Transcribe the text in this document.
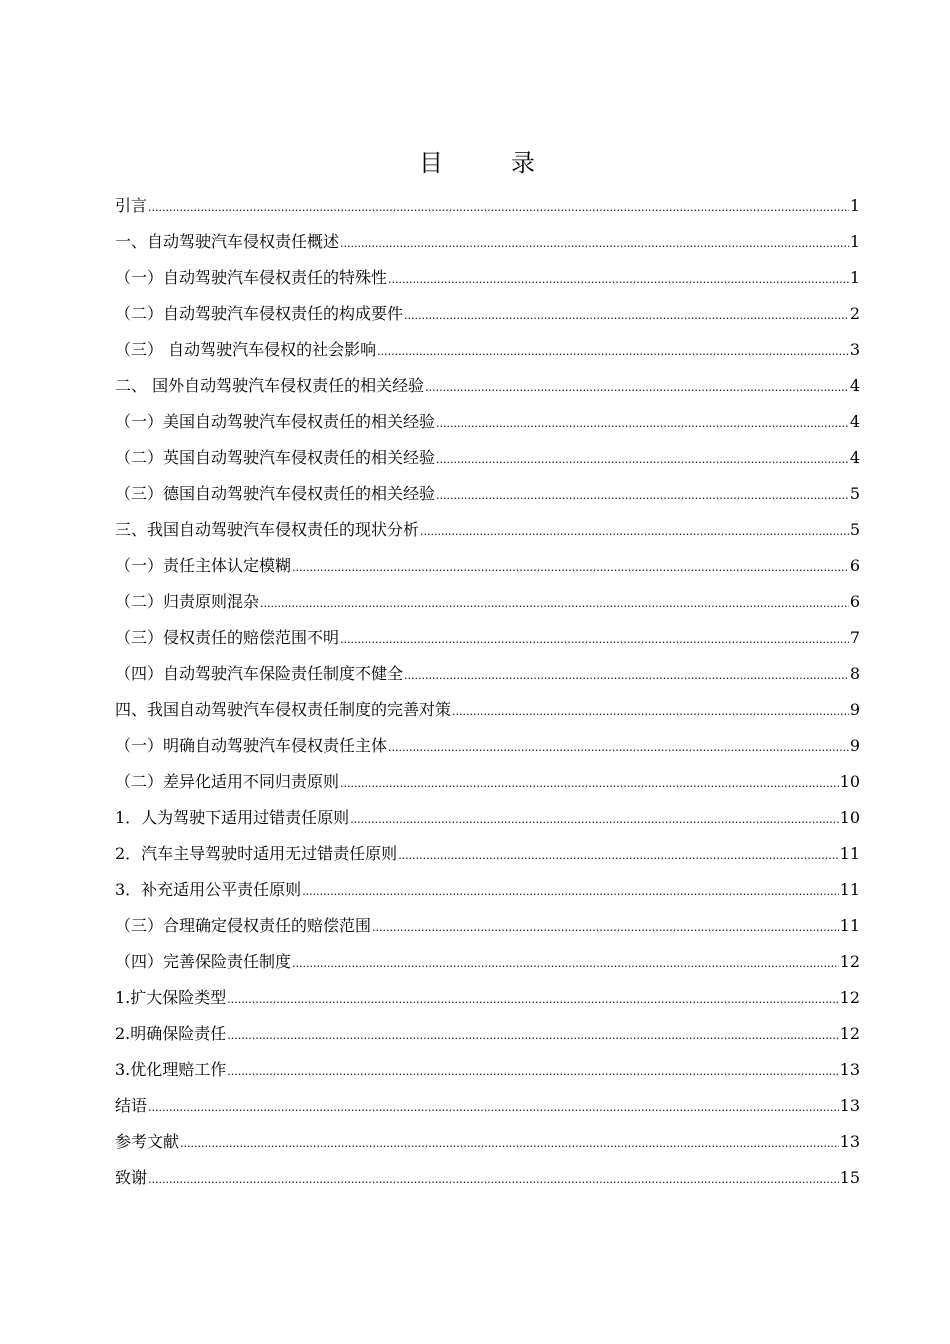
目　录
引言 .....	1
一、自动驾驶汽车侵权责任概述 .....	1
（一）自动驾驶汽车侵权责任的特殊性 .....	1
（二）自动驾驶汽车侵权责任的构成要件 .....	2
（三） 自动驾驶汽车侵权的社会影响 .....	3
二、 国外自动驾驶汽车侵权责任的相关经验 .....	4
（一）美国自动驾驶汽车侵权责任的相关经验 .....	4
（二）英国自动驾驶汽车侵权责任的相关经验 .....	4
（三）德国自动驾驶汽车侵权责任的相关经验 .....	5
三、我国自动驾驶汽车侵权责任的现状分析 .....	5
（一）责任主体认定模糊 .....	6
（二）归责原则混杂 .....	6
（三）侵权责任的赔偿范围不明 .....	7
（四）自动驾驶汽车保险责任制度不健全 .....	8
四、我国自动驾驶汽车侵权责任制度的完善对策 .....	9
（一）明确自动驾驶汽车侵权责任主体 .....	9
（二）差异化适用不同归责原则 .....	10
1．人为驾驶下适用过错责任原则 .....	10
2．汽车主导驾驶时适用无过错责任原则 .....	11
3．补充适用公平责任原则 .....	11
（三）合理确定侵权责任的赔偿范围 .....	11
（四）完善保险责任制度 .....	12
1.扩大保险类型 .....	12
2.明确保险责任 .....	12
3.优化理赔工作 .....	13
结语 .....	13
参考文献 .....	13
致谢 .....	15
